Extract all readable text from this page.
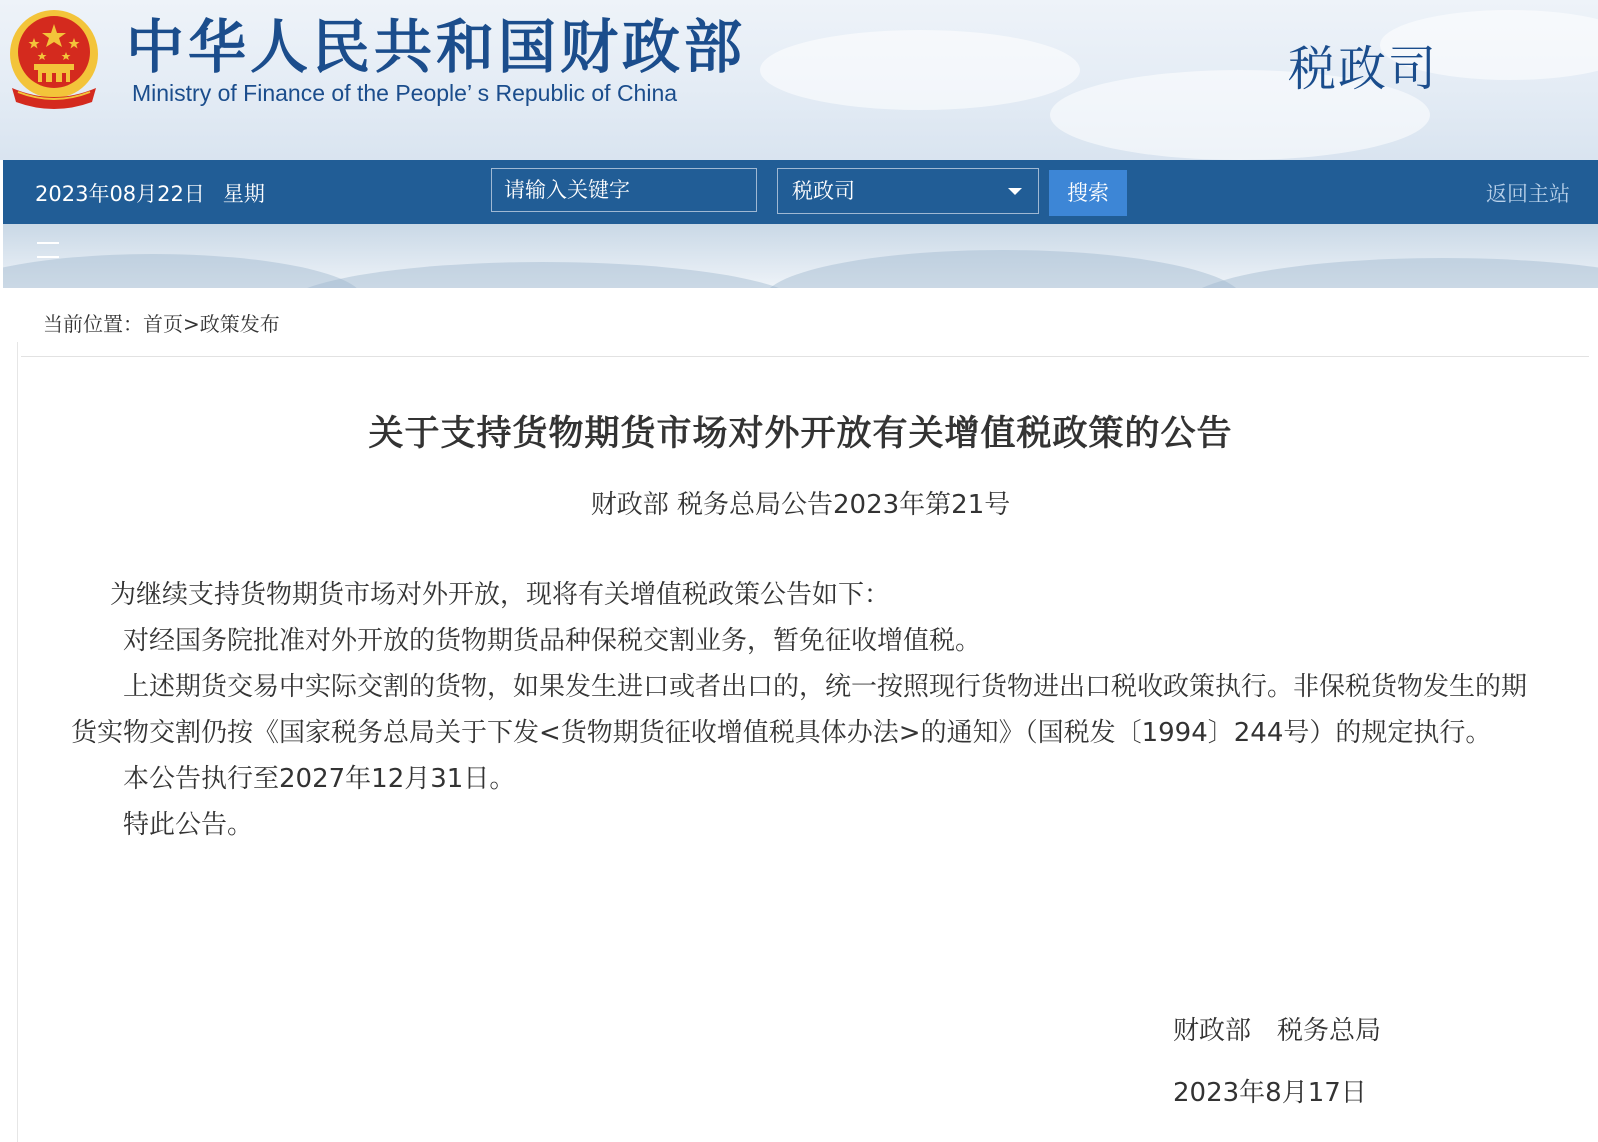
中华人民共和国财政部
Ministry of Finance of the People’ s Republic of China	税政司
2023年08月22日 星期
请输入关键字	税政司	搜索	返回主站
当前位置：首页>政策发布
关于支持货物期货市场对外开放有关增值税政策的公告
财政部 税务总局公告2023年第21号

为继续支持货物期货市场对外开放，现将有关增值税政策公告如下：

对经国务院批准对外开放的货物期货品种保税交割业务，暂免征收增值税。

上述期货交易中实际交割的货物，如果发生进口或者出口的，统一按照现行货物进出口税收政策执行。非保税货物发生的期货实物交割仍按《国家税务总局关于下发<货物期货征收增值税具体办法>的通知》（国税发〔1994〕244号）的规定执行。

本公告执行至2027年12月31日。

特此公告。

财政部　税务总局
2023年8月17日
